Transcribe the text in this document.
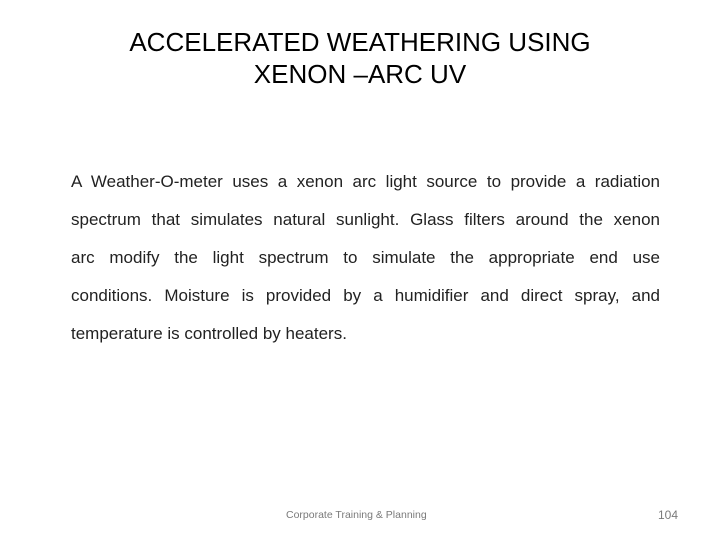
ACCELERATED WEATHERING USING
XENON –ARC UV

A Weather-O-meter uses a xenon arc light source to provide a radiation
spectrum that simulates natural sunlight. Glass filters around the xenon
arc modify the light spectrum to simulate the appropriate end use
conditions. Moisture is provided by a humidifier and direct spray, and
temperature is controlled by heaters.

Corporate Training & Planning	104
